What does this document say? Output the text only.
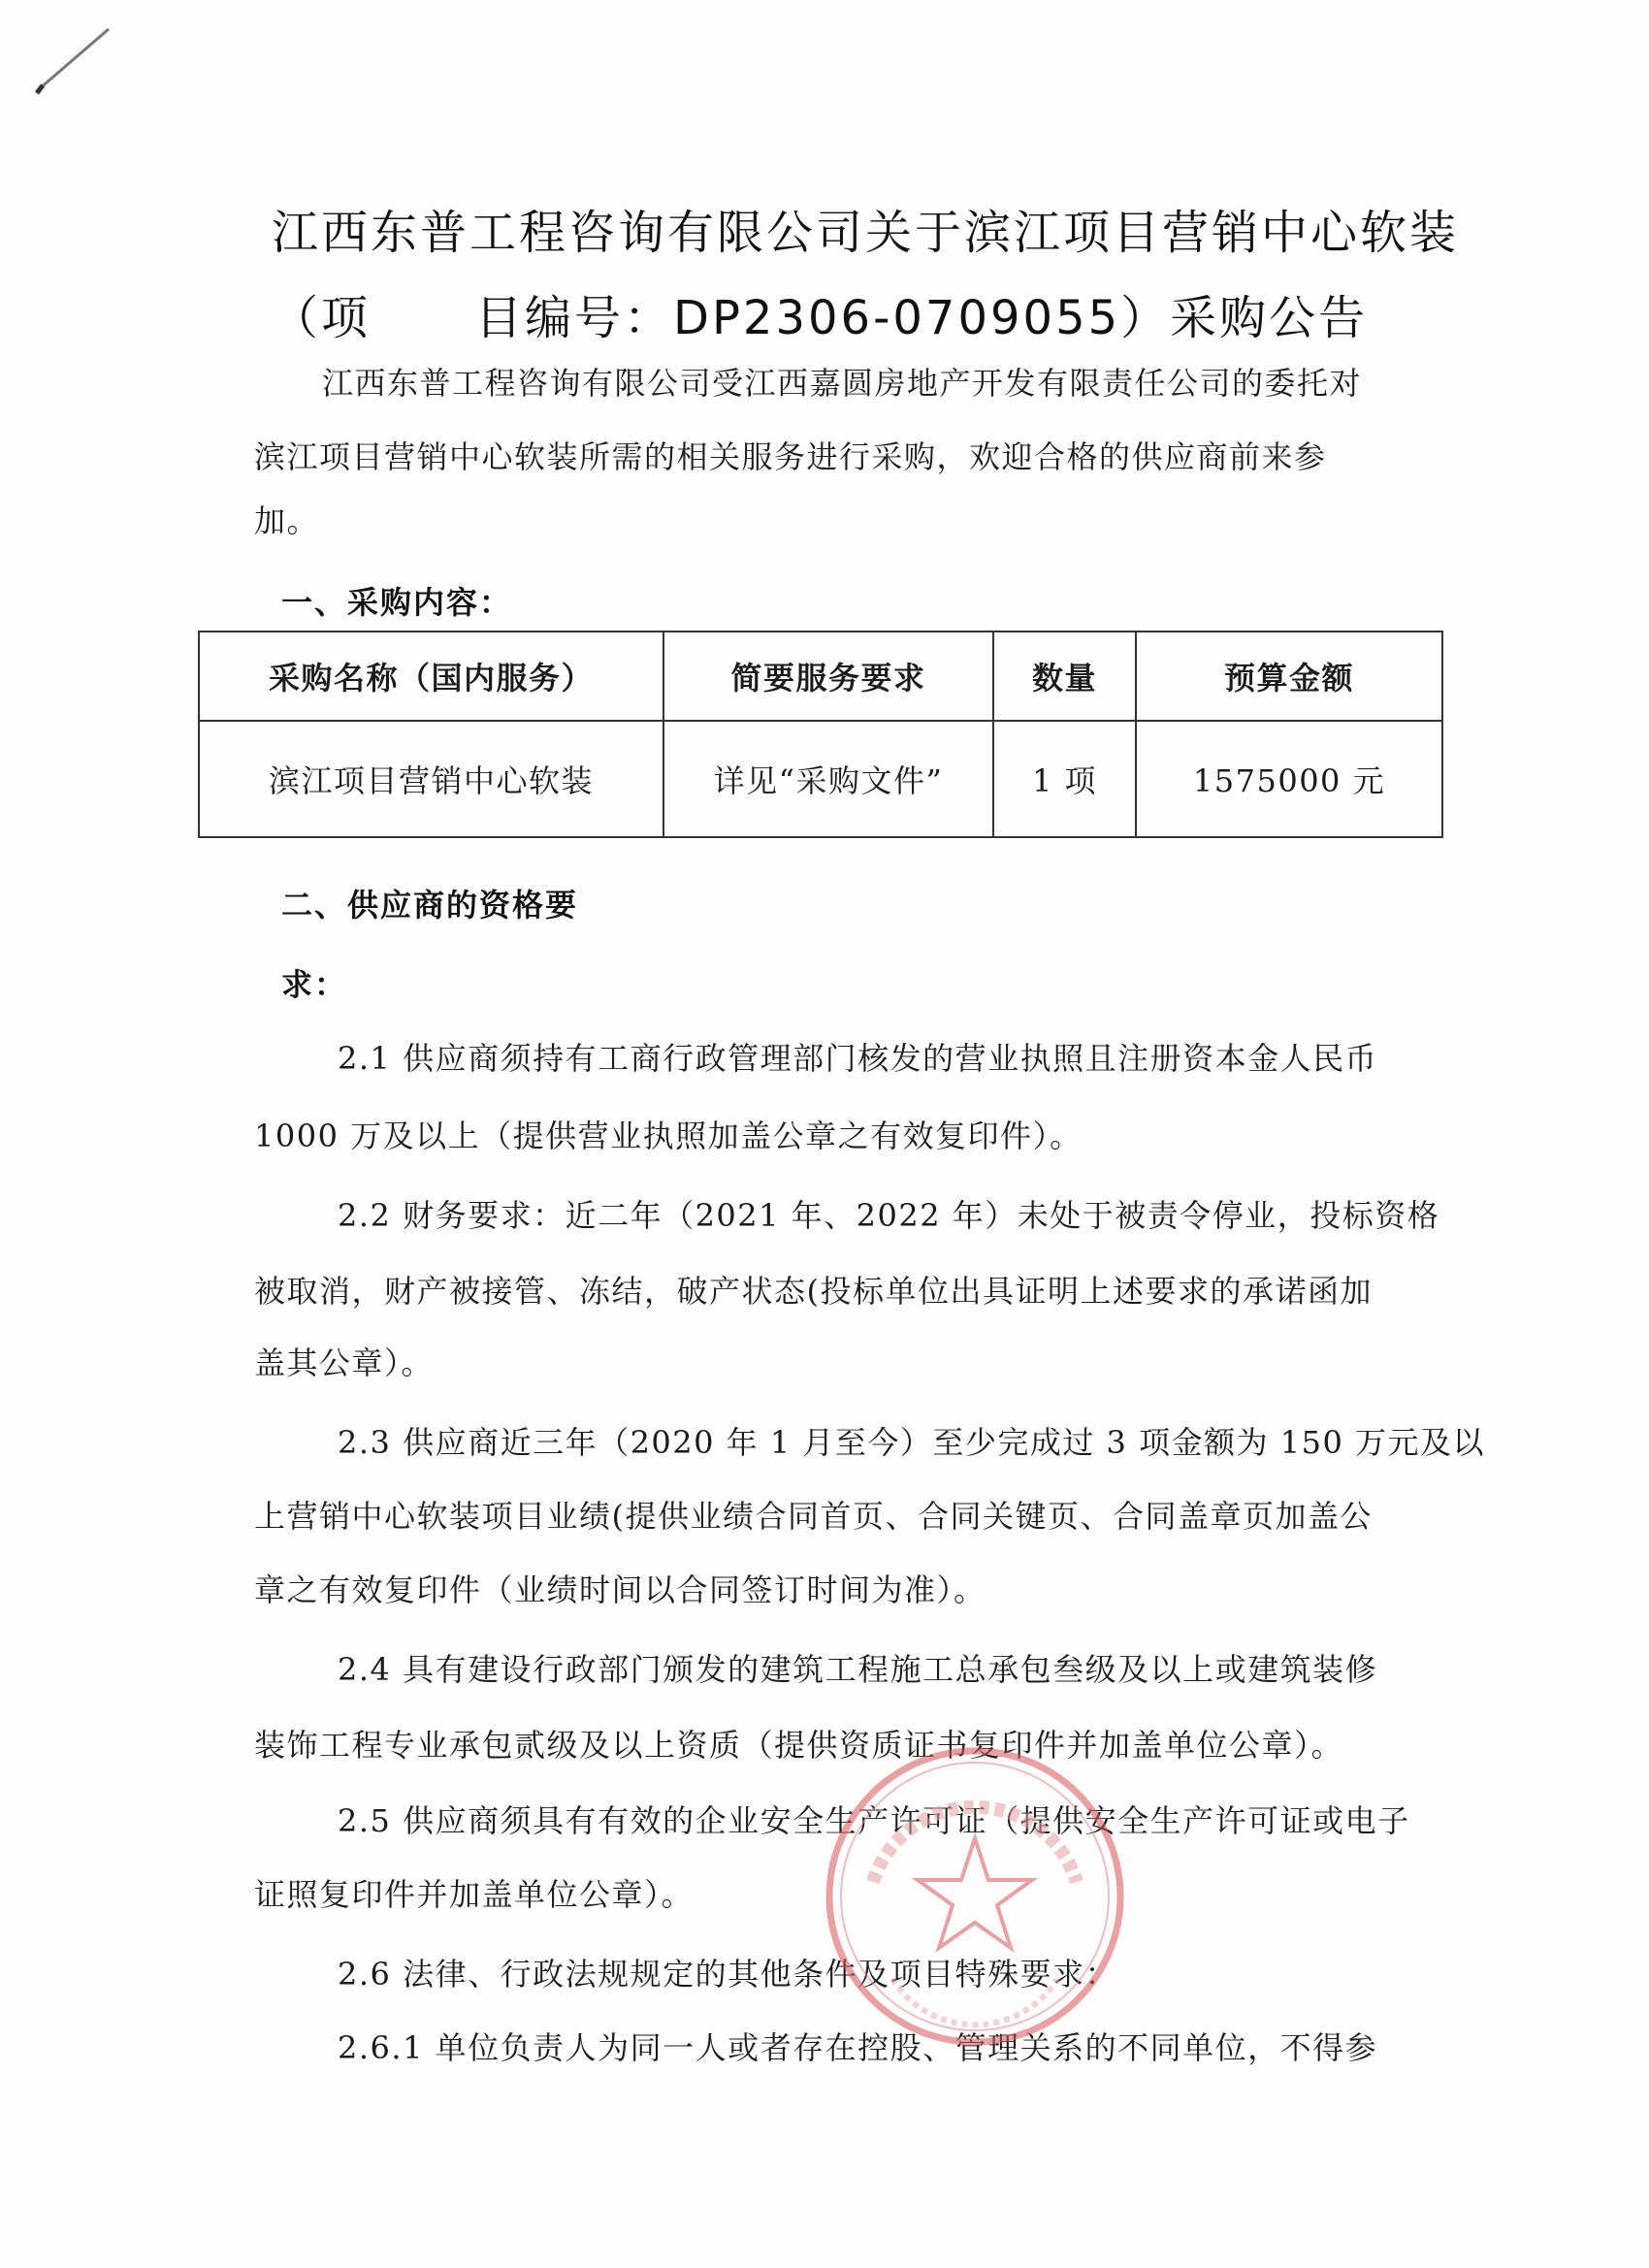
江西东普工程咨询有限公司关于滨江项目营销中心软装（项	目编号：DP2306-0709055）采购公告
江西东普工程咨询有限公司受江西嘉圆房地产开发有限责任公司的委托对
滨江项目营销中心软装所需的相关服务进行采购，欢迎合格的供应商前来参
加。
一、采购内容：
采购名称（国内服务）	简要服务要求	数量	预算金额
滨江项目营销中心软装	详见“采购文件”	1 项	1575000 元
二、供应商的资格要
求：
2.1 供应商须持有工商行政管理部门核发的营业执照且注册资本金人民币
1000 万及以上（提供营业执照加盖公章之有效复印件）。
2.2 财务要求：近二年（2021 年、2022 年）未处于被责令停业，投标资格
被取消，财产被接管、冻结，破产状态(投标单位出具证明上述要求的承诺函加
盖其公章）。
2.3 供应商近三年（2020 年 1 月至今）至少完成过 3 项金额为 150 万元及以
上营销中心软装项目业绩(提供业绩合同首页、合同关键页、合同盖章页加盖公
章之有效复印件（业绩时间以合同签订时间为准）。
2.4 具有建设行政部门颁发的建筑工程施工总承包叁级及以上或建筑装修
装饰工程专业承包贰级及以上资质（提供资质证书复印件并加盖单位公章）。
2.5 供应商须具有有效的企业安全生产许可证（提供安全生产许可证或电子
证照复印件并加盖单位公章）。
2.6 法律、行政法规规定的其他条件及项目特殊要求：
2.6.1 单位负责人为同一人或者存在控股、管理关系的不同单位，不得参
